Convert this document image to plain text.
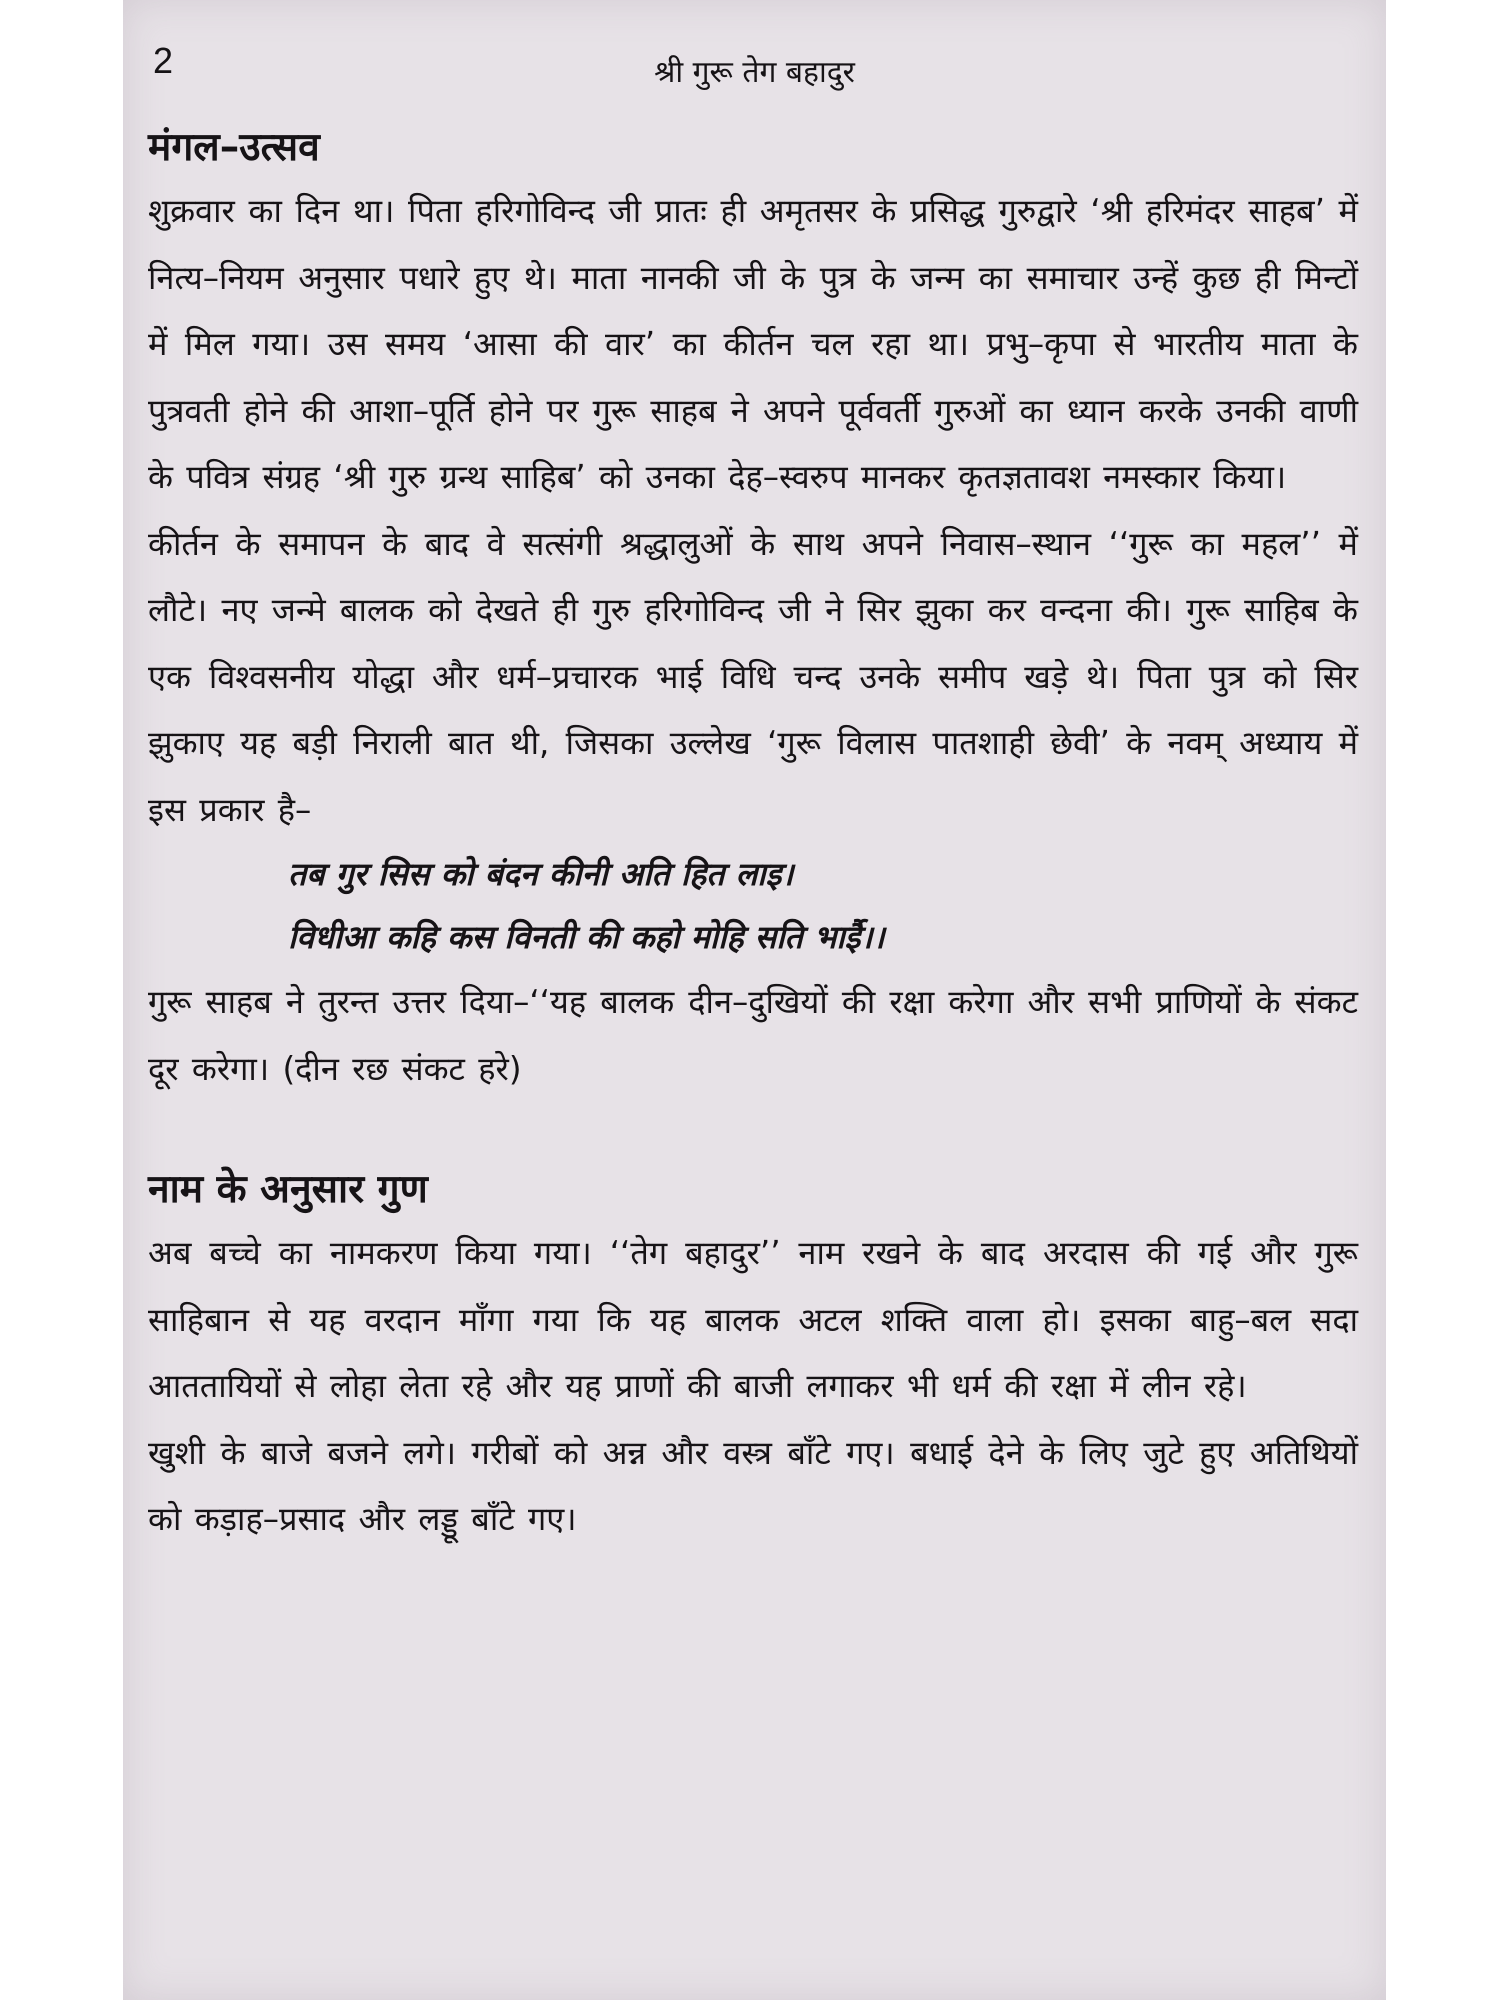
2	श्री गुरू तेग बहादुर
मंगल–उत्सव

शुक्रवार का दिन था। पिता हरिगोविन्द जी प्रातः ही अमृतसर के प्रसिद्ध गुरुद्वारे ‘श्री हरिमंदर साहब’ में नित्य–नियम अनुसार पधारे हुए थे। माता नानकी जी के पुत्र के जन्म का समाचार उन्हें कुछ ही मिन्टों में मिल गया। उस समय ‘आसा की वार’ का कीर्तन चल रहा था। प्रभु–कृपा से भारतीय माता के पुत्रवती होने की आशा–पूर्ति होने पर गुरू साहब ने अपने पूर्ववर्ती गुरुओं का ध्यान करके उनकी वाणी के पवित्र संग्रह ‘श्री गुरु ग्रन्थ साहिब’ को उनका देह–स्वरुप मानकर कृतज्ञतावश नमस्कार किया।

कीर्तन के समापन के बाद वे सत्संगी श्रद्धालुओं के साथ अपने निवास–स्थान ‘‘गुरू का महल’’ में लौटे। नए जन्मे बालक को देखते ही गुरु हरिगोविन्द जी ने सिर झुका कर वन्दना की। गुरू साहिब के एक विश्वसनीय योद्धा और धर्म–प्रचारक भाई विधि चन्द उनके समीप खड़े थे। पिता पुत्र को सिर झुकाए यह बड़ी निराली बात थी, जिसका उल्लेख ‘गुरू विलास पातशाही छेवी’ के नवम् अध्याय में इस प्रकार है–

तब गुर सिस को बंदन कीनी अति हित लाइ।

विधीआ कहि कस विनती की कहो मोहि सति भाईै।।

गुरू साहब ने तुरन्त उत्तर दिया–‘‘यह बालक दीन–दुखियों की रक्षा करेगा और सभी प्राणियों के संकट दूर करेगा। (दीन रछ संकट हरे)

नाम के अनुसार गुण

अब बच्चे का नामकरण किया गया। ‘‘तेग बहादुर’’ नाम रखने के बाद अरदास की गई और गुरू साहिबान से यह वरदान माँगा गया कि यह बालक अटल शक्ति वाला हो। इसका बाहु–बल सदा आततायियों से लोहा लेता रहे और यह प्राणों की बाजी लगाकर भी धर्म की रक्षा में लीन रहे।

खुशी के बाजे बजने लगे। गरीबों को अन्न और वस्त्र बाँटे गए। बधाई देने के लिए जुटे हुए अतिथियों को कड़ाह–प्रसाद और लड्डू बाँटे गए।
